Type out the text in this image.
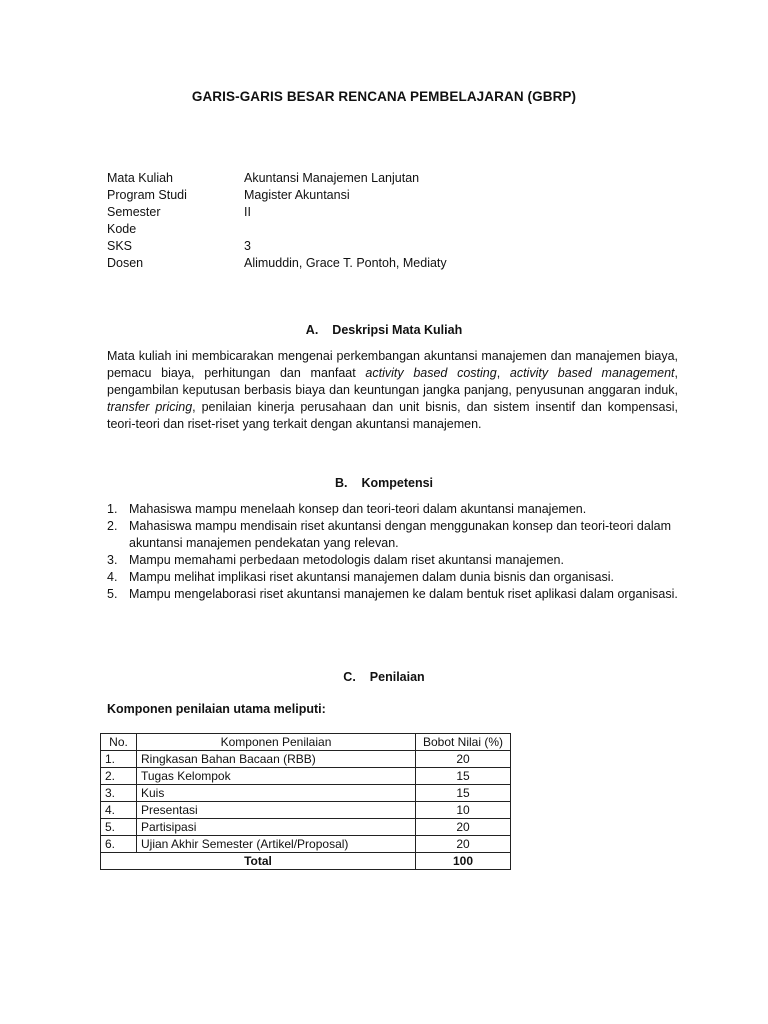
GARIS-GARIS BESAR RENCANA PEMBELAJARAN (GBRP)
Mata Kuliah	Akuntansi Manajemen Lanjutan
Program Studi	Magister Akuntansi
Semester	II
Kode
SKS	3
Dosen	Alimuddin, Grace T. Pontoh, Mediaty
A. Deskripsi Mata Kuliah
Mata kuliah ini membicarakan mengenai perkembangan akuntansi manajemen dan manajemen biaya, pemacu biaya, perhitungan dan manfaat activity based costing, activity based management, pengambilan keputusan berbasis biaya dan keuntungan jangka panjang, penyusunan anggaran induk, transfer pricing, penilaian kinerja perusahaan dan unit bisnis, dan sistem insentif dan kompensasi, teori-teori dan riset-riset yang terkait dengan akuntansi manajemen.
B. Kompetensi
1. Mahasiswa mampu menelaah konsep dan teori-teori dalam akuntansi manajemen.
2. Mahasiswa mampu mendisain riset akuntansi dengan menggunakan konsep dan teori-teori dalam akuntansi manajemen pendekatan yang relevan.
3. Mampu memahami perbedaan metodologis dalam riset akuntansi manajemen.
4. Mampu melihat implikasi riset akuntansi manajemen dalam dunia bisnis dan organisasi.
5. Mampu mengelaborasi riset akuntansi manajemen ke dalam bentuk riset aplikasi dalam organisasi.
C. Penilaian
Komponen penilaian utama meliputi:
No.	Komponen Penilaian	Bobot Nilai (%)
1.	Ringkasan Bahan Bacaan (RBB)	20
2.	Tugas Kelompok	15
3.	Kuis	15
4.	Presentasi	10
5.	Partisipasi	20
6.	Ujian Akhir Semester (Artikel/Proposal)	20
Total		100
